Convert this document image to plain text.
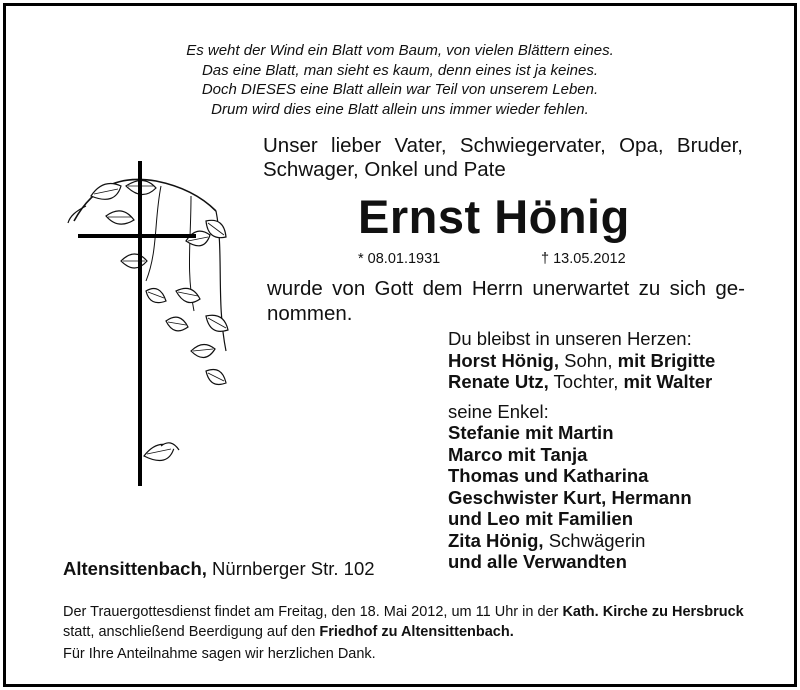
Es weht der Wind ein Blatt vom Baum, von vielen Blättern eines.
Das eine Blatt, man sieht es kaum, denn eines ist ja keines.
Doch DIESES eine Blatt allein war Teil von unserem Leben.
Drum wird dies eine Blatt allein uns immer wieder fehlen.
Unser lieber Vater, Schwiegervater, Opa, Bruder,
Schwager, Onkel und Pate
Ernst Hönig
* 08.01.1931	† 13.05.2012
wurde von Gott dem Herrn unerwartet zu sich ge-
nommen.
Du bleibst in unseren Herzen:
Horst Hönig, Sohn, mit Brigitte
Renate Utz, Tochter, mit Walter
seine Enkel:
Stefanie mit Martin
Marco mit Tanja
Thomas und Katharina
Geschwister Kurt, Hermann
und Leo mit Familien
Zita Hönig, Schwägerin
und alle Verwandten
Altensittenbach, Nürnberger Str. 102
Der Trauergottesdienst findet am Freitag, den 18. Mai 2012, um 11 Uhr in der Kath. Kirche zu Hersbruck statt, anschließend Beerdigung auf den Friedhof zu Altensittenbach.
Für Ihre Anteilnahme sagen wir herzlichen Dank.
